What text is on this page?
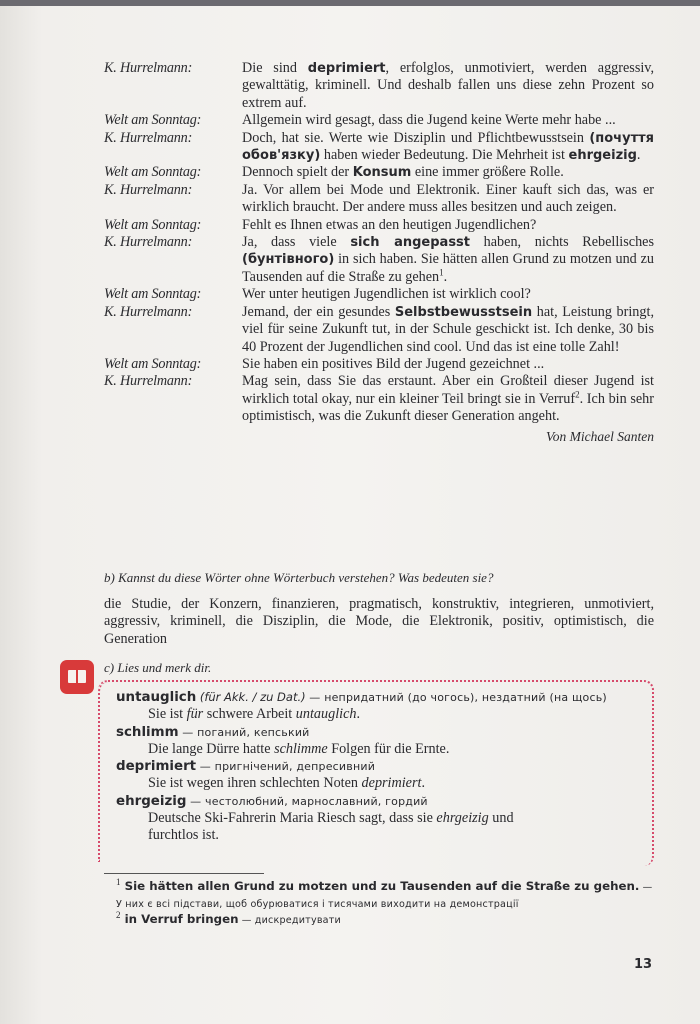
K. Hurrelmann:	Die sind deprimiert, erfolglos, unmotiviert, werden aggressiv, gewalttätig, kriminell. Und deshalb fallen uns diese zehn Prozent so extrem auf.
Welt am Sonntag:	Allgemein wird gesagt, dass die Jugend keine Werte mehr habe ...
K. Hurrelmann:	Doch, hat sie. Werte wie Disziplin und Pflichtbewusstsein (почуття обов'язку) haben wieder Bedeutung. Die Mehrheit ist ehrgeizig.
Welt am Sonntag:	Dennoch spielt der Konsum eine immer größere Rolle.
K. Hurrelmann:	Ja. Vor allem bei Mode und Elektronik. Einer kauft sich das, was er wirklich braucht. Der andere muss alles besitzen und auch zeigen.
Welt am Sonntag:	Fehlt es Ihnen etwas an den heutigen Jugendlichen?
K. Hurrelmann:	Ja, dass viele sich angepasst haben, nichts Rebellisches (бунтівного) in sich haben. Sie hätten allen Grund zu motzen und zu Tausenden auf die Straße zu gehen$^1$.
Welt am Sonntag:	Wer unter heutigen Jugendlichen ist wirklich cool?
K. Hurrelmann:	Jemand, der ein gesundes Selbstbewusstsein hat, Leistung bringt, viel für seine Zukunft tut, in der Schule geschickt ist. Ich denke, 30 bis 40 Prozent der Jugendlichen sind cool. Und das ist eine tolle Zahl!
Welt am Sonntag:	Sie haben ein positives Bild der Jugend gezeichnet ...
K. Hurrelmann:	Mag sein, dass Sie das erstaunt. Aber ein Großteil dieser Jugend ist wirklich total okay, nur ein kleiner Teil bringt sie in Verruf$^2$. Ich bin sehr optimistisch, was die Zukunft dieser Generation angeht.
Von Michael Santen
b) Kannst du diese Wörter ohne Wörterbuch verstehen? Was bedeuten sie?
die Studie, der Konzern, finanzieren, pragmatisch, konstruktiv, integrieren, unmotiviert, aggressiv, kriminell, die Disziplin, die Mode, die Elektronik, positiv, optimistisch, die Generation
c) Lies und merk dir.
untauglich (für Akk. / zu Dat.) — непридатний (до чогось), нездатний (на щось)
Sie ist für schwere Arbeit untauglich.
schlimm — поганий, кепський
Die lange Dürre hatte schlimme Folgen für die Ernte.
deprimiert — пригнічений, депресивний
Sie ist wegen ihren schlechten Noten deprimiert.
ehrgeizig — честолюбний, марнославний, гордий
Deutsche Ski-Fahrerin Maria Riesch sagt, dass sie ehrgeizig und
furchtlos ist.
$^1$ Sie hätten allen Grund zu motzen und zu Tausenden auf die Straße zu gehen. — У них є всі підстави, щоб обурюватися і тисячами виходити на демонстрації
$^2$ in Verruf bringen — дискредитувати
13
